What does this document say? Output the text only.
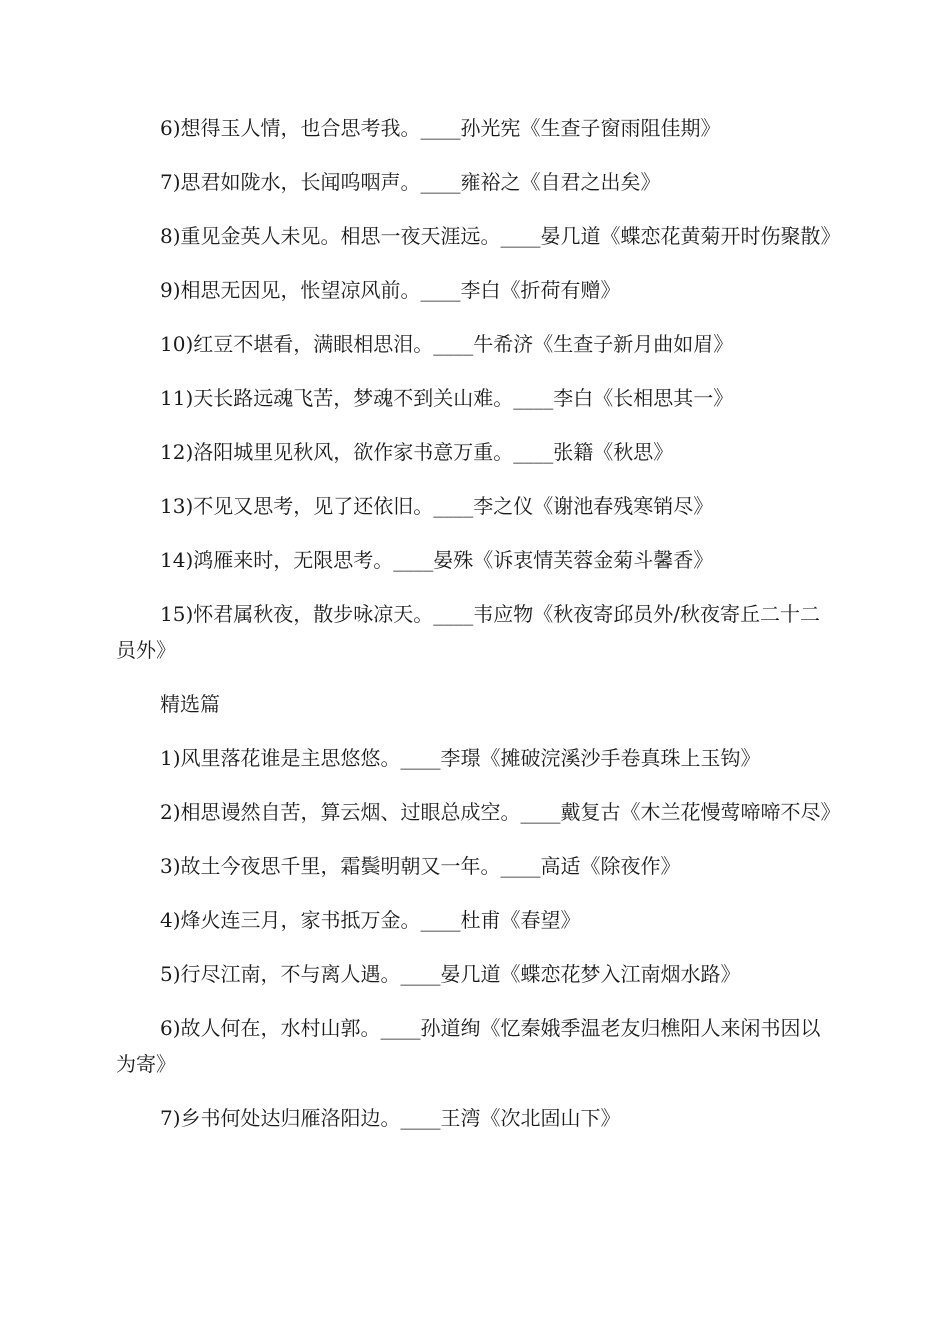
6)想得玉人情，也合思考我。____孙光宪《生查子窗雨阻佳期》

7)思君如陇水，长闻呜咽声。____雍裕之《自君之出矣》

8)重见金英人未见。相思一夜天涯远。____晏几道《蝶恋花黄菊开时伤聚散》

9)相思无因见，怅望凉风前。____李白《折荷有赠》

10)红豆不堪看，满眼相思泪。____牛希济《生查子新月曲如眉》

11)天长路远魂飞苦，梦魂不到关山难。____李白《长相思其一》

12)洛阳城里见秋风，欲作家书意万重。____张籍《秋思》

13)不见又思考，见了还依旧。____李之仪《谢池春残寒销尽》

14)鸿雁来时，无限思考。____晏殊《诉衷情芙蓉金菊斗馨香》

15)怀君属秋夜，散步咏凉天。____韦应物《秋夜寄邱员外/秋夜寄丘二十二员外》

精选篇

1)风里落花谁是主思悠悠。____李璟《摊破浣溪沙手卷真珠上玉钩》

2)相思谩然自苦，算云烟、过眼总成空。____戴复古《木兰花慢莺啼啼不尽》

3)故土今夜思千里，霜鬓明朝又一年。____高适《除夜作》

4)烽火连三月，家书抵万金。____杜甫《春望》

5)行尽江南，不与离人遇。____晏几道《蝶恋花梦入江南烟水路》

6)故人何在，水村山郭。____孙道绚《忆秦娥季温老友归樵阳人来闲书因以为寄》

7)乡书何处达归雁洛阳边。____王湾《次北固山下》
